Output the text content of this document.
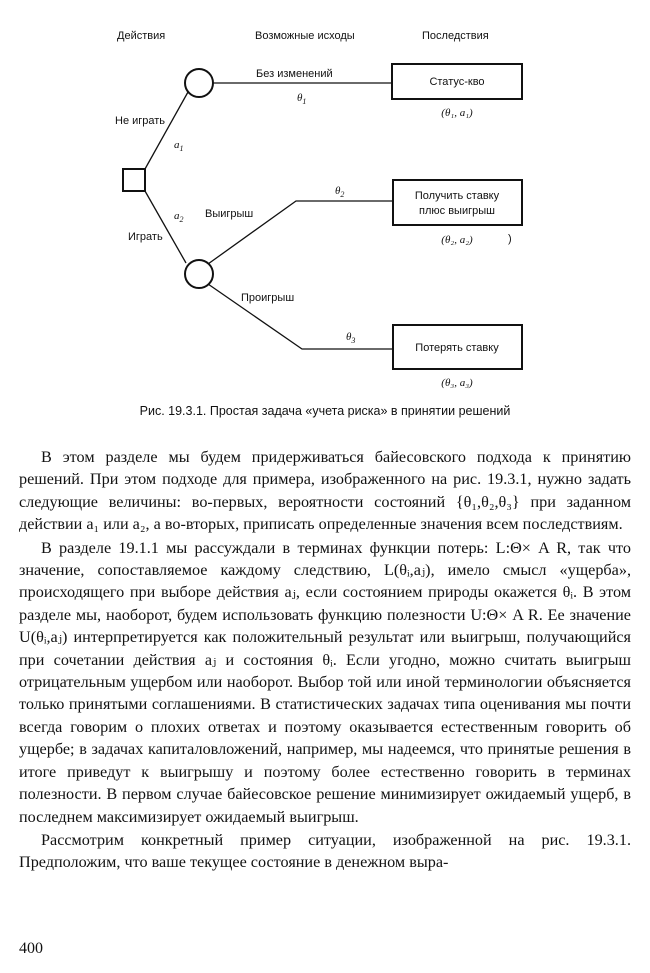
Действия	Возможные исходы	Последствия
Не играть
$a_1$
$a_2$
Играть
Без изменений
$\theta_1$
$\theta_2$
Выигрыш
Проигрыш
$\theta_3$
Статус-кво
(θ₁, a₁)
Получить ставку
плюс выигрыш
(θ₂, a₂)	)
Потерять ставку
(θ₃, a₃)
Рис. 19.3.1. Простая задача «учета риска» в принятии решений

В этом разделе мы будем придерживаться байесовского подхода к принятию решений. При этом подходе для примера, изображенного на рис. 19.3.1, нужно задать следующие величины: во-первых, вероятности состояний {θ₁,θ₂,θ₃} при заданном действии a₁ или a₂, а во-вторых, приписать определенные значения всем последствиям.

В разделе 19.1.1 мы рассуждали в терминах функции потерь: L:Θ× A R, так что значение, сопоставляемое каждому следствию, L(θᵢ,aⱼ), имело смысл «ущерба», происходящего при выборе действия aⱼ, если состоянием природы окажется θᵢ. В этом разделе мы, наоборот, будем использовать функцию полезности U:Θ× A R. Ее значение U(θᵢ,aⱼ) интерпретируется как положительный результат или выигрыш, получающийся при сочетании действия aⱼ и состояния θᵢ. Если угодно, можно считать выигрыш отрицательным ущербом или наоборот. Выбор той или иной терминологии объясняется только принятыми соглашениями. В статистических задачах типа оценивания мы почти всегда говорим о плохих ответах и поэтому оказывается естественным говорить об ущербе; в задачах капиталовложений, например, мы надеемся, что принятые решения в итоге приведут к выигрышу и поэтому более естественно говорить в терминах полезности. В первом случае байесовское решение минимизирует ожидаемый ущерб, в последнем максимизирует ожидаемый выигрыш.

Рассмотрим конкретный пример ситуации, изображенной на рис. 19.3.1. Предположим, что ваше текущее состояние в денежном выра-

400
